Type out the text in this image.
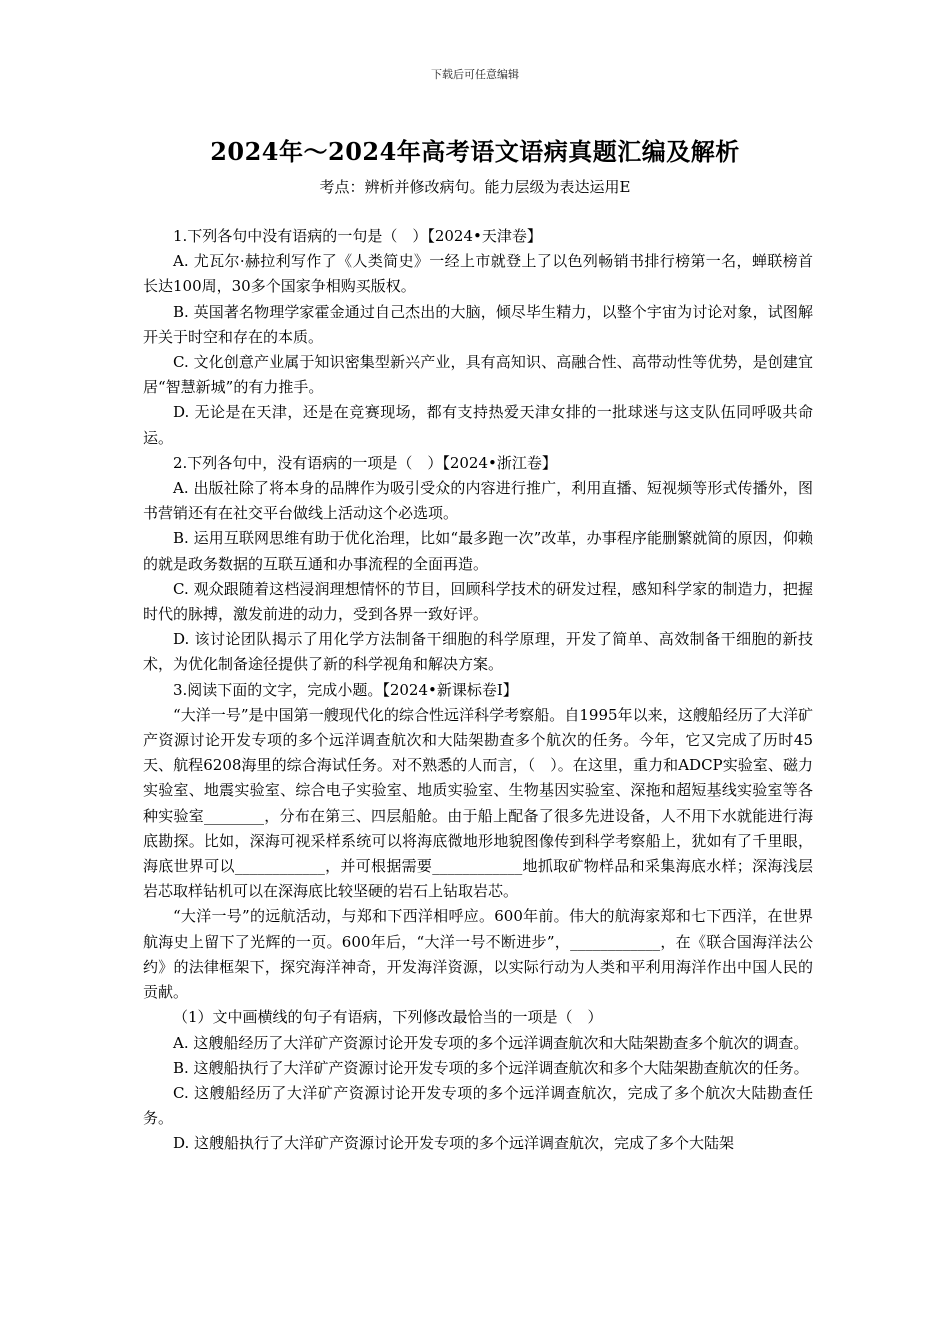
下载后可任意编辑
2024年～2024年高考语文语病真题汇编及解析
考点：辨析并修改病句。能力层级为表达运用E

1.下列各句中没有语病的一句是（　）【2024•天津卷】

A. 尤瓦尔·赫拉利写作了《人类简史》一经上市就登上了以色列畅销书排行榜第一名，蝉联榜首长达100周，30多个国家争相购买版权。

B. 英国著名物理学家霍金通过自己杰出的大脑，倾尽毕生精力，以整个宇宙为讨论对象，试图解开关于时空和存在的本质。

C. 文化创意产业属于知识密集型新兴产业，具有高知识、高融合性、高带动性等优势，是创建宜居“智慧新城”的有力推手。

D. 无论是在天津，还是在竞赛现场，都有支持热爱天津女排的一批球迷与这支队伍同呼吸共命运。

2.下列各句中，没有语病的一项是（　）【2024•浙江卷】

A. 出版社除了将本身的品牌作为吸引受众的内容进行推广，利用直播、短视频等形式传播外，图书营销还有在社交平台做线上活动这个必选项。

B. 运用互联网思维有助于优化治理，比如“最多跑一次”改革，办事程序能删繁就简的原因，仰赖的就是政务数据的互联互通和办事流程的全面再造。

C. 观众跟随着这档浸润理想情怀的节目，回顾科学技术的研发过程，感知科学家的制造力，把握时代的脉搏，激发前进的动力，受到各界一致好评。

D. 该讨论团队揭示了用化学方法制备干细胞的科学原理，开发了简单、高效制备干细胞的新技术，为优化制备途径提供了新的科学视角和解决方案。

3.阅读下面的文字，完成小题。【2024•新课标卷Ⅰ】

“大洋一号”是中国第一艘现代化的综合性远洋科学考察船。自1995年以来，这艘船经历了大洋矿产资源讨论开发专项的多个远洋调查航次和大陆架勘查多个航次的任务。今年，它又完成了历时45天、航程6208海里的综合海试任务。对不熟悉的人而言，（　）。在这里，重力和ADCP实验室、磁力实验室、地震实验室、综合电子实验室、地质实验室、生物基因实验室、深拖和超短基线实验室等各种实验室________，分布在第三、四层船舱。由于船上配备了很多先进设备，人不用下水就能进行海底勘探。比如，深海可视采样系统可以将海底微地形地貌图像传到科学考察船上，犹如有了千里眼，海底世界可以____________，并可根据需要____________地抓取矿物样品和采集海底水样；深海浅层岩芯取样钻机可以在深海底比较坚硬的岩石上钻取岩芯。

“大洋一号”的远航活动，与郑和下西洋相呼应。600年前。伟大的航海家郑和七下西洋，在世界航海史上留下了光辉的一页。600年后，“大洋一号不断进步”，____________，在《联合国海洋法公约》的法律框架下，探究海洋神奇，开发海洋资源，以实际行动为人类和平利用海洋作出中国人民的贡献。

（1）文中画横线的句子有语病，下列修改最恰当的一项是（　）

A. 这艘船经历了大洋矿产资源讨论开发专项的多个远洋调查航次和大陆架勘查多个航次的调查。

B. 这艘船执行了大洋矿产资源讨论开发专项的多个远洋调查航次和多个大陆架勘查航次的任务。

C. 这艘船经历了大洋矿产资源讨论开发专项的多个远洋调查航次，完成了多个航次大陆勘查任务。

D. 这艘船执行了大洋矿产资源讨论开发专项的多个远洋调查航次，完成了多个大陆架
